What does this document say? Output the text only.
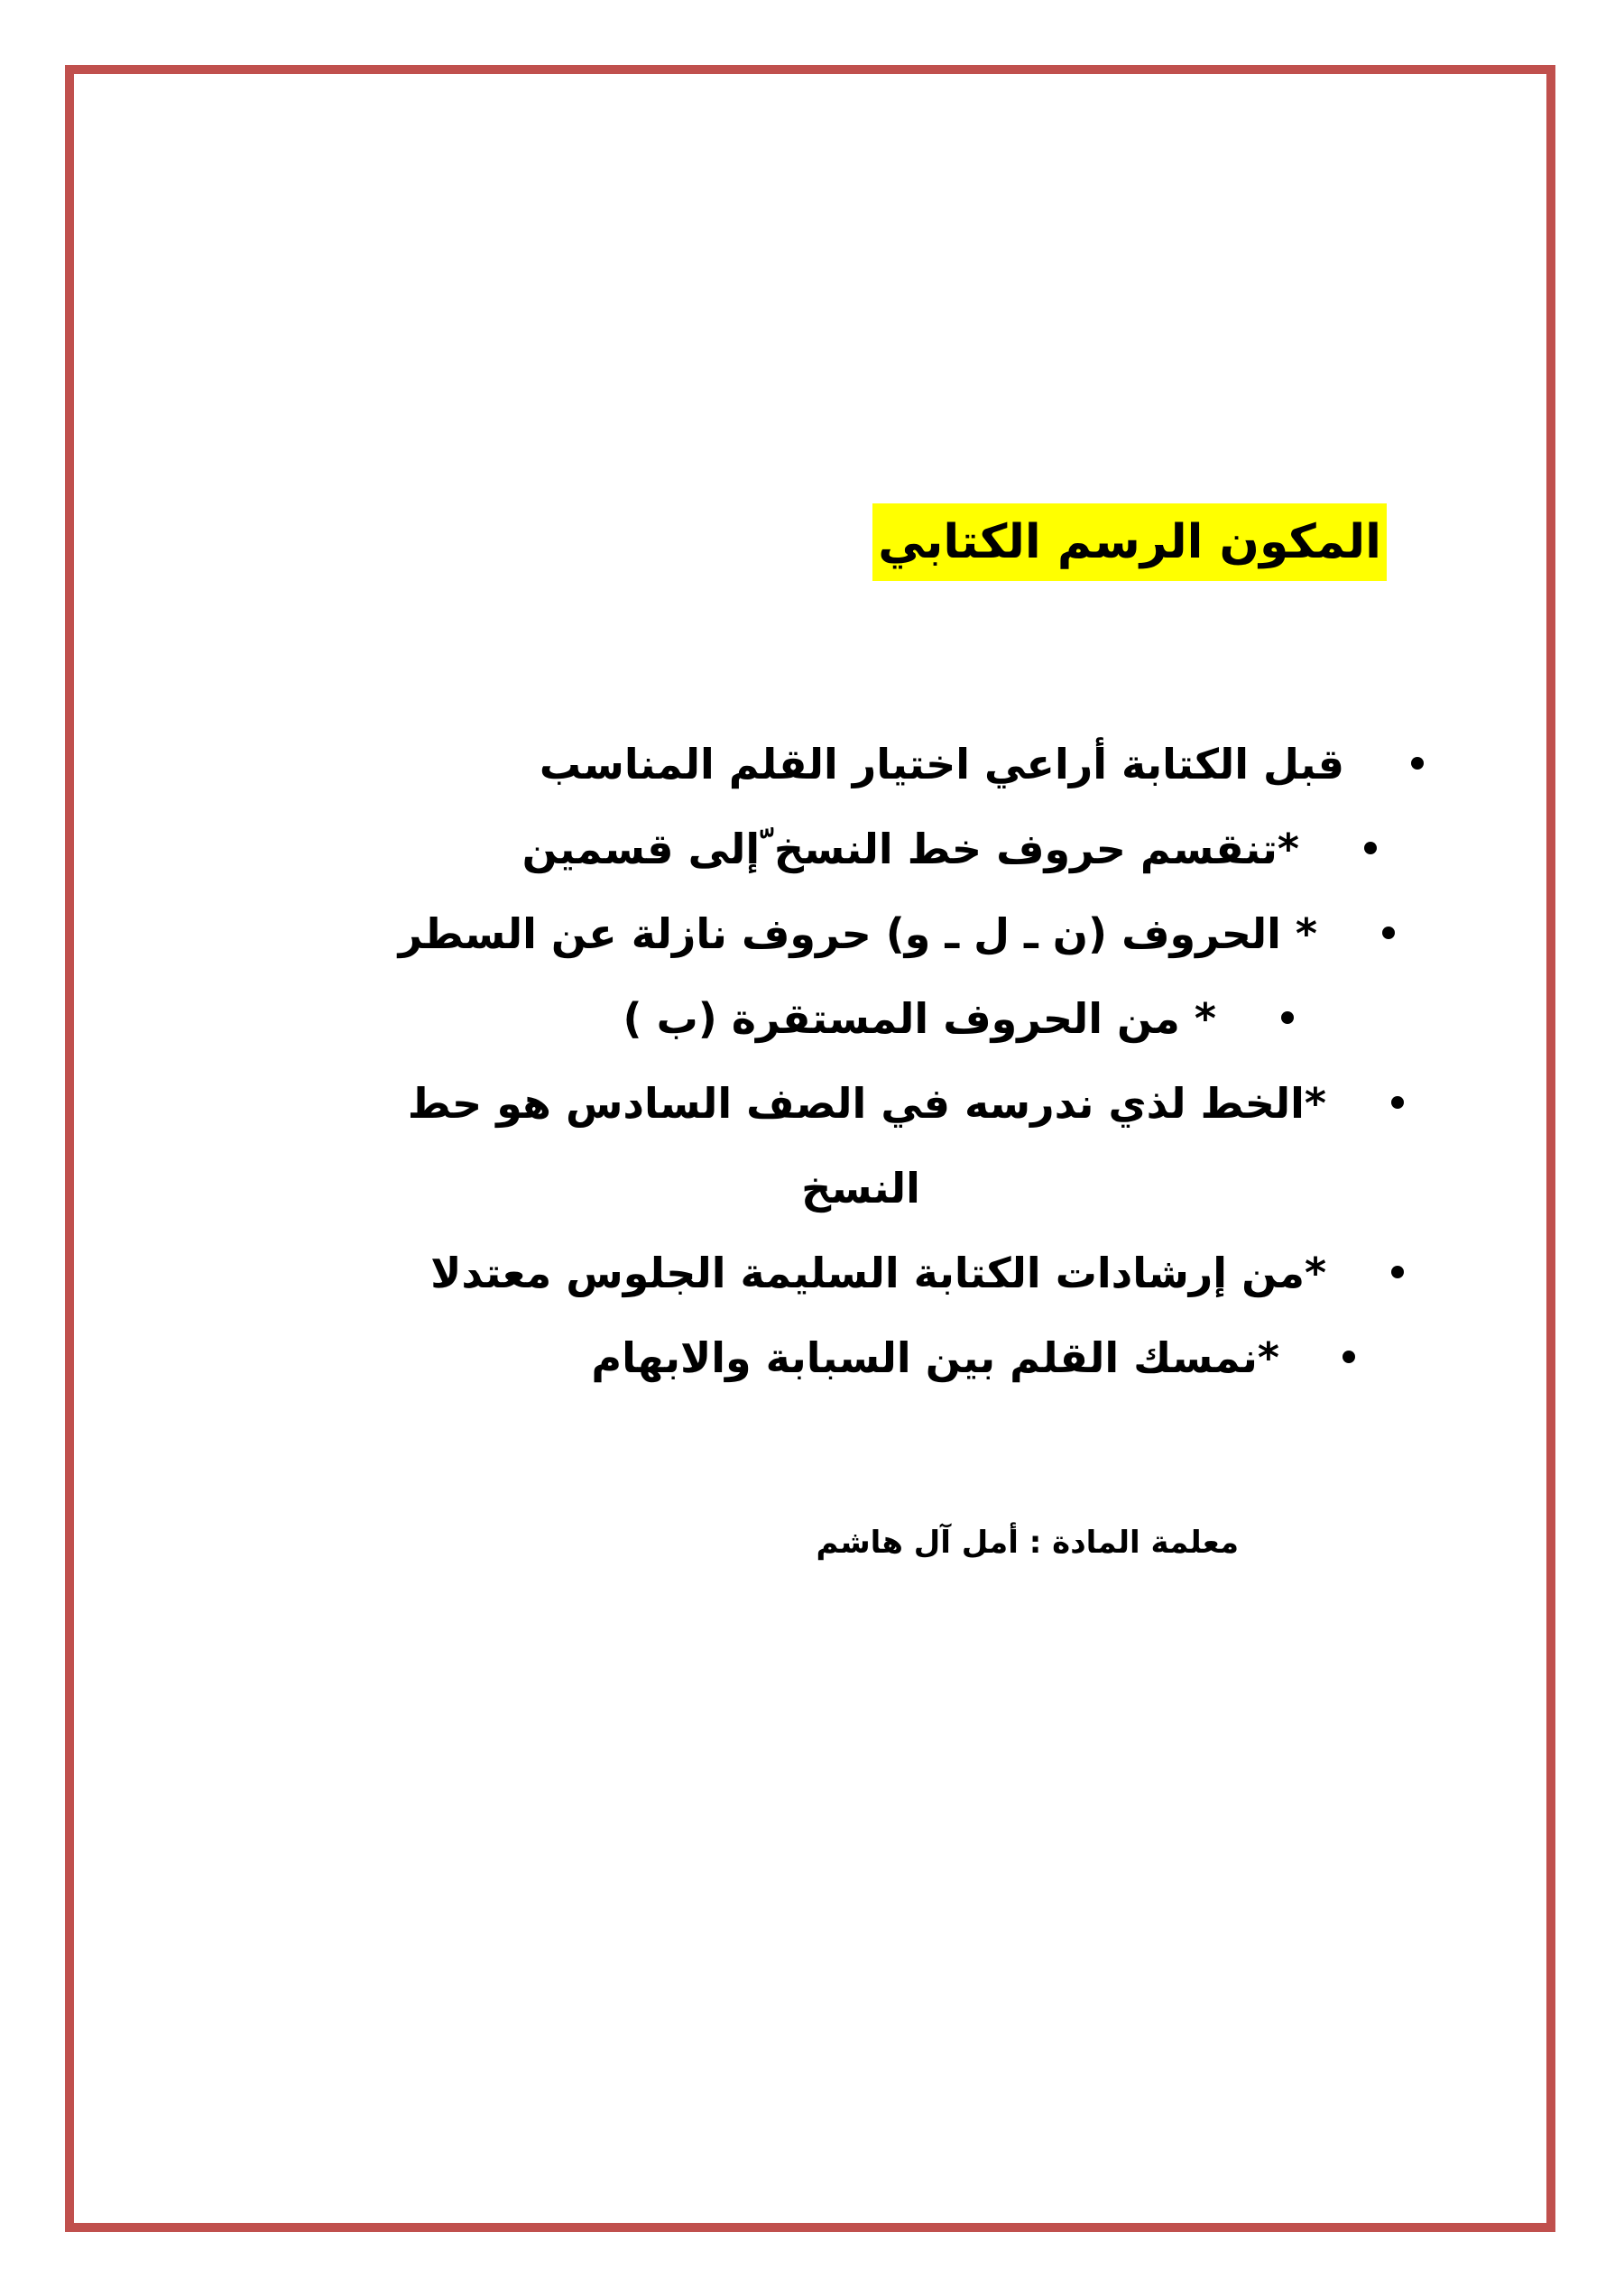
المكون الرسم الكتابي
قبل الكتابة أراعي اختيار القلم المناسب
*تنقسم حروف خط النسخ ّإلى قسمين
* الحروف (ن ـ ل ـ و) حروف نازلة عن السطر
* من الحروف المستقرة (ب )
*الخط لذي ندرسه في الصف السادس هو حط
النسخ
*من إرشادات الكتابة السليمة الجلوس معتدلا
*نمسك القلم بين السبابة والابهام
معلمة المادة : أمل آل هاشم
